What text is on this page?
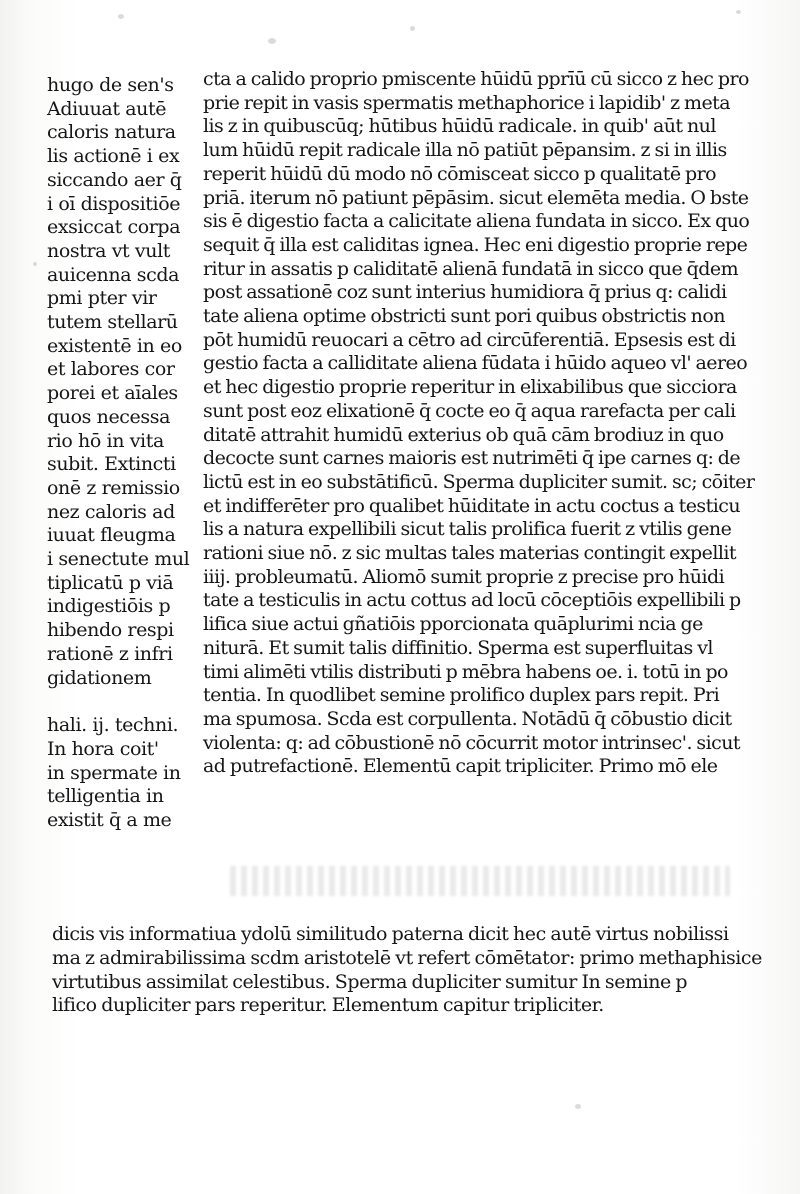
hugo de sen's
Adiuuat autē
caloris natura
lis actionē i ex
siccando aer q̄
i oī dispositiōe
exsiccat corpa
nostra vt vult
auicenna scda
pmi pter vir
tutem stellarū
existentē in eo
et labores cor
porei et aīales
quos necessa
rio hō in vita
subit. Extincti
onē z remissio
nez caloris ad
iuuat fleugma
i senectute mul
tiplicatū p viā
indigestiōis p
hibendo respi
rationē z infri
gidationem
hali. ij. techni.
In hora coit'
in spermate in
telligentia in
existit q̄ a me
cta a calido proprio pmiscente hūidū pprīū cū sicco z hec pro
prie repit in vasis spermatis methaphorice i lapidib' z meta
lis z in quibuscūq; hūtibus hūidū radicale. in quib' aūt nul
lum hūidū repit radicale illa nō patiūt pēpansim. z si in illis
reperit hūidū dū modo nō cōmisceat sicco p qualitatē pro
priā. iterum nō patiunt pēpāsim. sicut elemēta media. O bste
sis ē digestio facta a calicitate aliena fundata in sicco. Ex quo
sequit q̄ illa est caliditas ignea. Hec eni digestio proprie repe
ritur in assatis p caliditatē alienā fundatā in sicco que q̄dem
post assationē coz sunt interius humidiora q̄ prius q: calidi
tate aliena optime obstricti sunt pori quibus obstrictis non
pōt humidū reuocari a cētro ad circūferentiā. Epsesis est di
gestio facta a calliditate aliena fūdata i hūido aqueo vl' aereo
et hec digestio proprie reperitur in elixabilibus que sicciora
sunt post eoz elixationē q̄ cocte eo q̄ aqua rarefacta per cali
ditatē attrahit humidū exterius ob quā cām brodiuz in quo
decocte sunt carnes maioris est nutrimēti q̄ ipe carnes q: de
lictū est in eo substātificū. Sperma dupliciter sumit. sc; cōiter
et indifferēter pro qualibet hūiditate in actu coctus a testicu
lis a natura expellibili sicut talis prolifica fuerit z vtilis gene
rationi siue nō. z sic multas tales materias contingit expellit
iiij. probleumatū. Aliomō sumit proprie z precise pro hūidi
tate a testiculis in actu cottus ad locū cōceptiōis expellibili p
lifica siue actui gñatiōis pporcionata quāplurimi ncia ge
niturā. Et sumit talis diffinitio. Sperma est superfluitas vl
timi alimēti vtilis distributi p mēbra habens oe. i. totū in po
tentia. In quodlibet semine prolifico duplex pars repit. Pri
ma spumosa. Scda est corpullenta. Notādū q̄ cōbustio dicit
violenta: q: ad cōbustionē nō cōcurrit motor intrinsec'. sicut
ad putrefactionē. Elementū capit tripliciter. Primo mō ele
dicis vis informatiua ydolū similitudo paterna dicit hec autē virtus nobilissi
ma z admirabilissima scdm aristotelē vt refert cōmētator: primo methaphisice
virtutibus assimilat celestibus. Sperma dupliciter sumitur In semine p
lifico dupliciter pars reperitur. Elementum capitur tripliciter.
